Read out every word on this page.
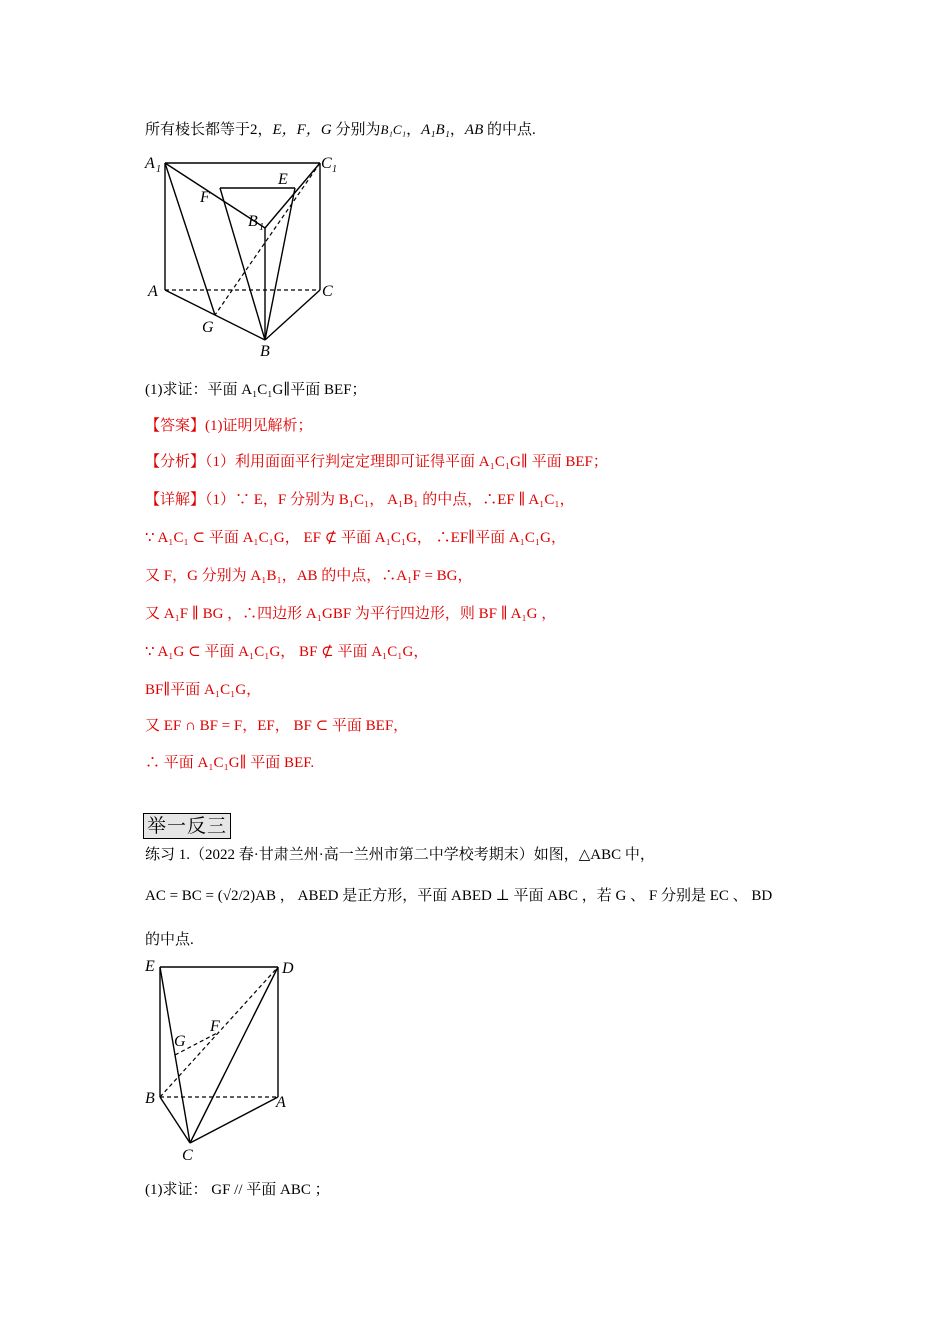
所有棱长都等于2，E，F，G 分别为B₁C₁，A₁B₁，AB 的中点.
A 1	C 1
F
E
B 1
A	C
G
B
(1)求证：平面 A₁C₁G∥平面 BEF；
【答案】(1)证明见解析；
【分析】（1）利用面面平行判定定理即可证得平面 A₁C₁G∥ 平面 BEF；
【详解】（1）∵ E，F 分别为 B₁C₁， A₁B₁ 的中点，∴EF ∥ A₁C₁，
∵ A₁C₁ ⊂ 平面 A₁C₁G， EF ⊄ 平面 A₁C₁G， ∴EF∥平面 A₁C₁G，
又 F，G 分别为 A₁B₁，AB 的中点，∴A₁F = BG，
又 A₁F ∥ BG ，∴四边形 A₁GBF 为平行四边形，则 BF ∥ A₁G ，
∵ A₁G ⊂ 平面 A₁C₁G， BF ⊄ 平面 A₁C₁G，
BF∥平面 A₁C₁G，
又 EF ∩ BF = F，EF， BF ⊂ 平面 BEF，
∴ 平面 A₁C₁G∥ 平面 BEF.
举一反三
练习 1.（2022 春·甘肃兰州·高一兰州市第二中学校考期末）如图，△ABC 中，
AC = BC = (√2/2)AB ， ABED 是正方形，平面 ABED ⊥ 平面 ABC ，若 G 、 F 分别是 EC 、 BD
的中点.
E	D
G
F
B	A
C
(1)求证： GF // 平面 ABC ；
